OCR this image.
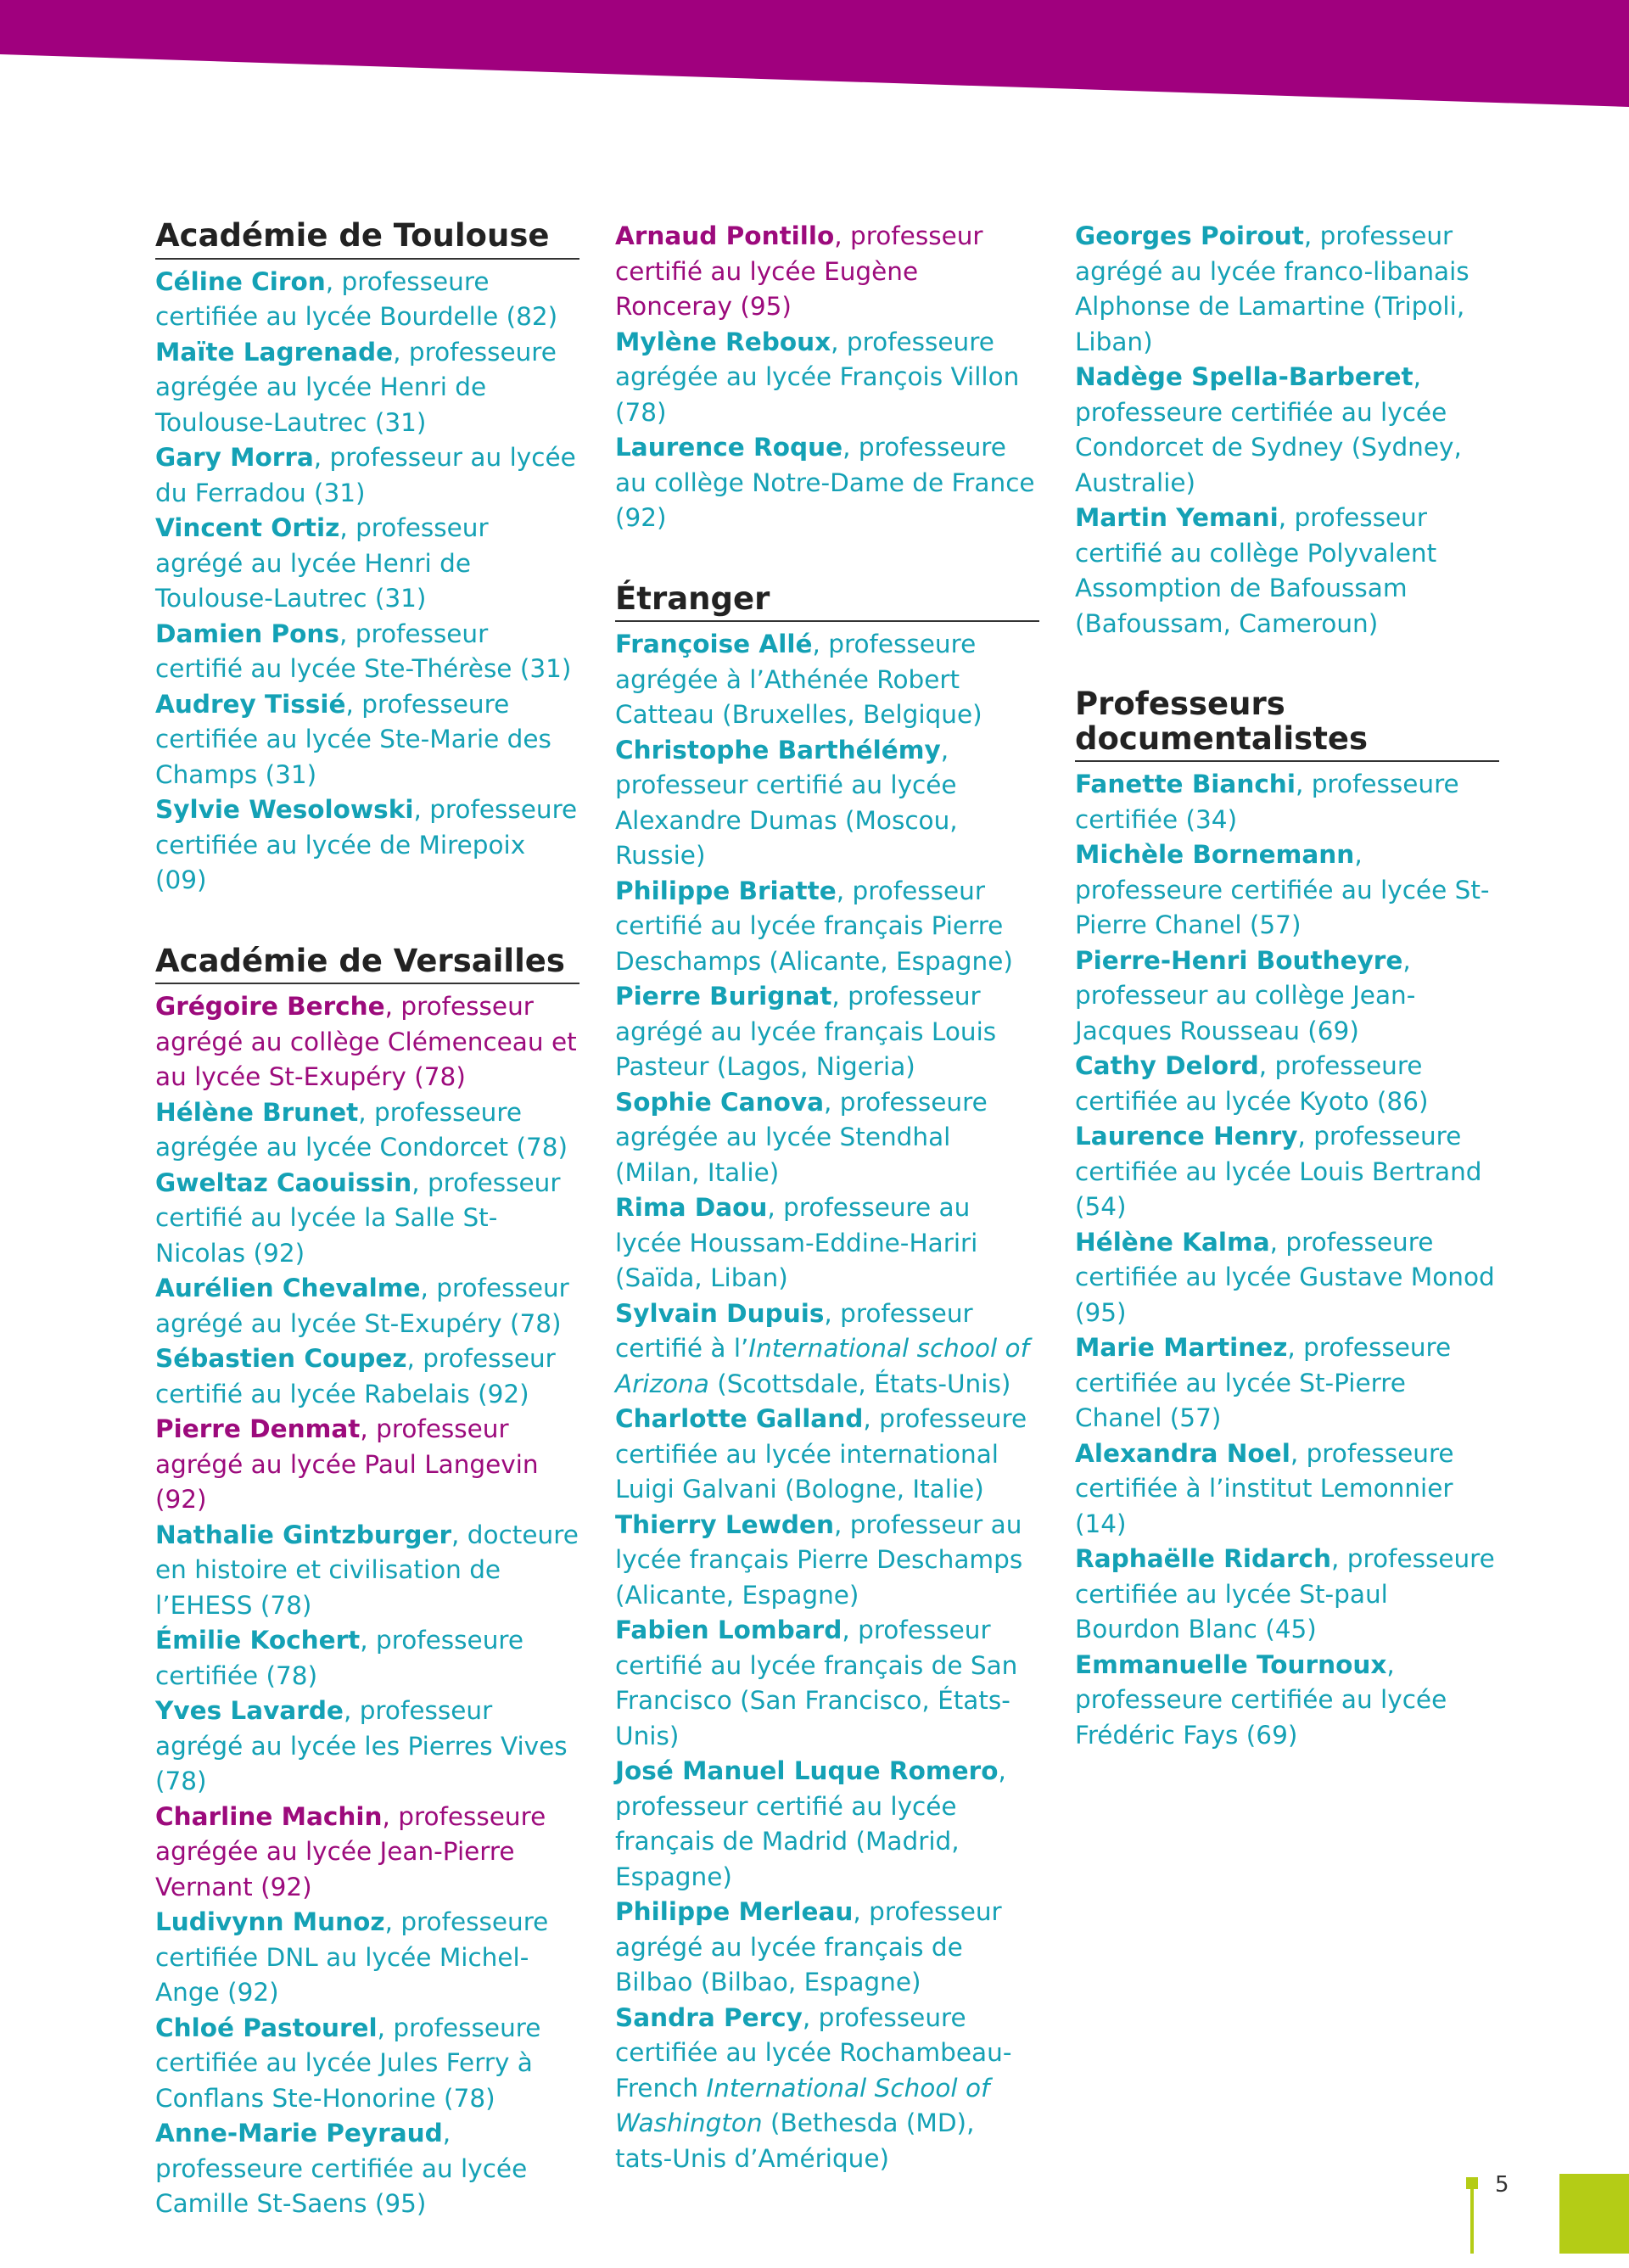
Académie de Toulouse
Céline Ciron, professeure certifiée au lycée Bourdelle (82)
Maïte Lagrenade, professeure agrégée au lycée Henri de Toulouse-Lautrec (31)
Gary Morra, professeur au lycée du Ferradou (31)
Vincent Ortiz, professeur agrégé au lycée Henri de Toulouse-Lautrec (31)
Damien Pons, professeur certifié au lycée Ste-Thérèse (31)
Audrey Tissié, professeure certifiée au lycée Ste-Marie des Champs (31)
Sylvie Wesolowski, professeure certifiée au lycée de Mirepoix (09)
Académie de Versailles
Grégoire Berche, professeur agrégé au collège Clémenceau et au lycée St-Exupéry (78)
Hélène Brunet, professeure agrégée au lycée Condorcet (78)
Gweltaz Caouissin, professeur certifié au lycée la Salle St-Nicolas (92)
Aurélien Chevalme, professeur agrégé au lycée St-Exupéry (78)
Sébastien Coupez, professeur certifié au lycée Rabelais (92)
Pierre Denmat, professeur agrégé au lycée Paul Langevin (92)
Nathalie Gintzburger, docteure en histoire et civilisation de l’EHESS (78)
Émilie Kochert, professeure certifiée (78)
Yves Lavarde, professeur agrégé au lycée les Pierres Vives (78)
Charline Machin, professeure agrégée au lycée Jean-Pierre Vernant (92)
Ludivynn Munoz, professeure certifiée DNL au lycée Michel-Ange (92)
Chloé Pastourel, professeure certifiée au lycée Jules Ferry à Conflans Ste-Honorine (78)
Anne-Marie Peyraud, professeure certifiée au lycée Camille St-Saens (95)
Arnaud Pontillo, professeur certifié au lycée Eugène Ronceray (95)
Mylène Reboux, professeure agrégée au lycée François Villon (78)
Laurence Roque, professeure au collège Notre-Dame de France (92)
Étranger
Françoise Allé, professeure agrégée à l’Athénée Robert Catteau (Bruxelles, Belgique)
Christophe Barthélémy, professeur certifié au lycée Alexandre Dumas (Moscou, Russie)
Philippe Briatte, professeur certifié au lycée français Pierre Deschamps (Alicante, Espagne)
Pierre Burignat, professeur agrégé au lycée français Louis Pasteur (Lagos, Nigeria)
Sophie Canova, professeure agrégée au lycée Stendhal (Milan, Italie)
Rima Daou, professeure au lycée Houssam-Eddine-Hariri (Saïda, Liban)
Sylvain Dupuis, professeur certifié à l’International school of Arizona (Scottsdale, États-Unis)
Charlotte Galland, professeure certifiée au lycée international Luigi Galvani (Bologne, Italie)
Thierry Lewden, professeur au lycée français Pierre Deschamps (Alicante, Espagne)
Fabien Lombard, professeur certifié au lycée français de San Francisco (San Francisco, États-Unis)
José Manuel Luque Romero, professeur certifié au lycée français de Madrid (Madrid, Espagne)
Philippe Merleau, professeur agrégé au lycée français de Bilbao (Bilbao, Espagne)
Sandra Percy, professeure certifiée au lycée Rochambeau-French International School of Washington (Bethesda (MD), tats-Unis d’Amérique)
Georges Poirout, professeur agrégé au lycée franco-libanais Alphonse de Lamartine (Tripoli, Liban)
Nadège Spella-Barberet, professeure certifiée au lycée Condorcet de Sydney (Sydney, Australie)
Martin Yemani, professeur certifié au collège Polyvalent Assomption de Bafoussam (Bafoussam, Cameroun)
Professeurs documentalistes
Fanette Bianchi, professeure certifiée (34)
Michèle Bornemann, professeure certifiée au lycée St-Pierre Chanel (57)
Pierre-Henri Boutheyre, professeur au collège Jean-Jacques Rousseau (69)
Cathy Delord, professeure certifiée au lycée Kyoto (86)
Laurence Henry, professeure certifiée au lycée Louis Bertrand (54)
Hélène Kalma, professeure certifiée au lycée Gustave Monod (95)
Marie Martinez, professeure certifiée au lycée St-Pierre Chanel (57)
Alexandra Noel, professeure certifiée à l’institut Lemonnier (14)
Raphaëlle Ridarch, professeure certifiée au lycée St-paul Bourdon Blanc (45)
Emmanuelle Tournoux, professeure certifiée au lycée Frédéric Fays (69)
5
